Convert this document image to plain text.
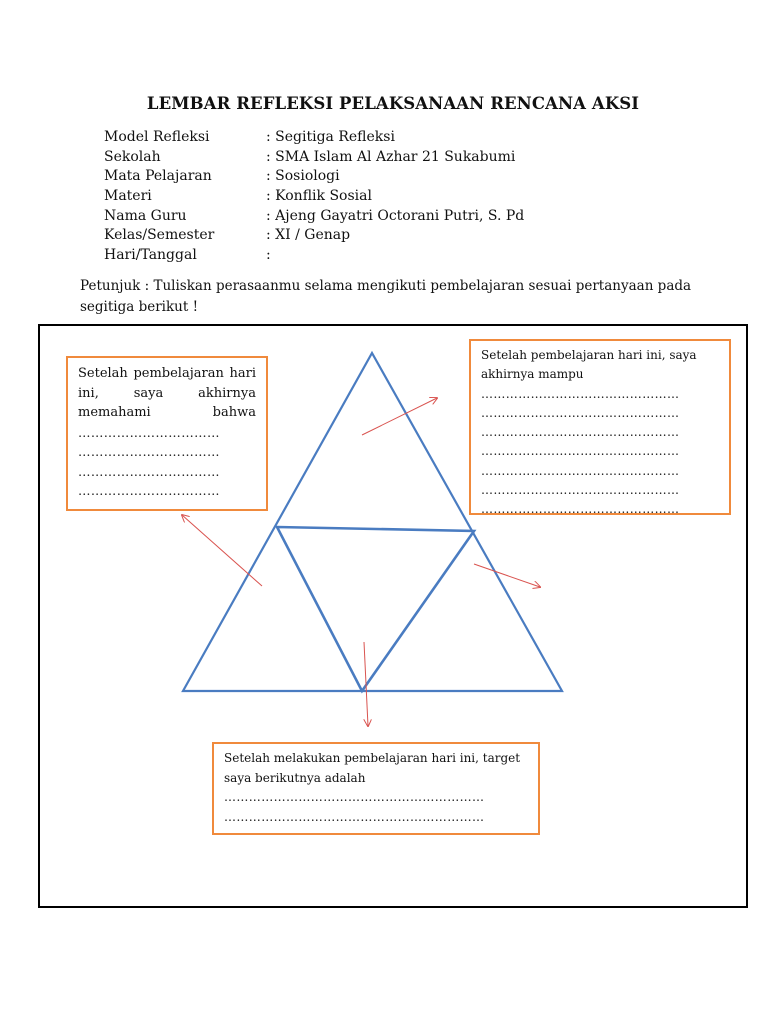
LEMBAR REFLEKSI PELAKSANAAN RENCANA AKSI
Model Refleksi	: Segitiga Refleksi
Sekolah	: SMA Islam Al Azhar 21 Sukabumi
Mata Pelajaran	: Sosiologi
Materi	: Konflik Sosial
Nama Guru	: Ajeng Gayatri Octorani Putri, S. Pd
Kelas/Semester	: XI / Genap
Hari/Tanggal	:
Petunjuk : Tuliskan perasaanmu selama mengikuti pembelajaran sesuai pertanyaan pada segitiga berikut !

Setelah pembelajaran hari ini, saya akhirnya memahami bahwa

……………………………

……………………………

……………………………

……………………………

Setelah pembelajaran hari ini, saya akhirnya mampu

…………………………………………

…………………………………………

…………………………………………

…………………………………………

…………………………………………

…………………………………………

…………………………………………

Setelah melakukan pembelajaran hari ini, target saya berikutnya adalah

………………………………………………………

………………………………………………………
